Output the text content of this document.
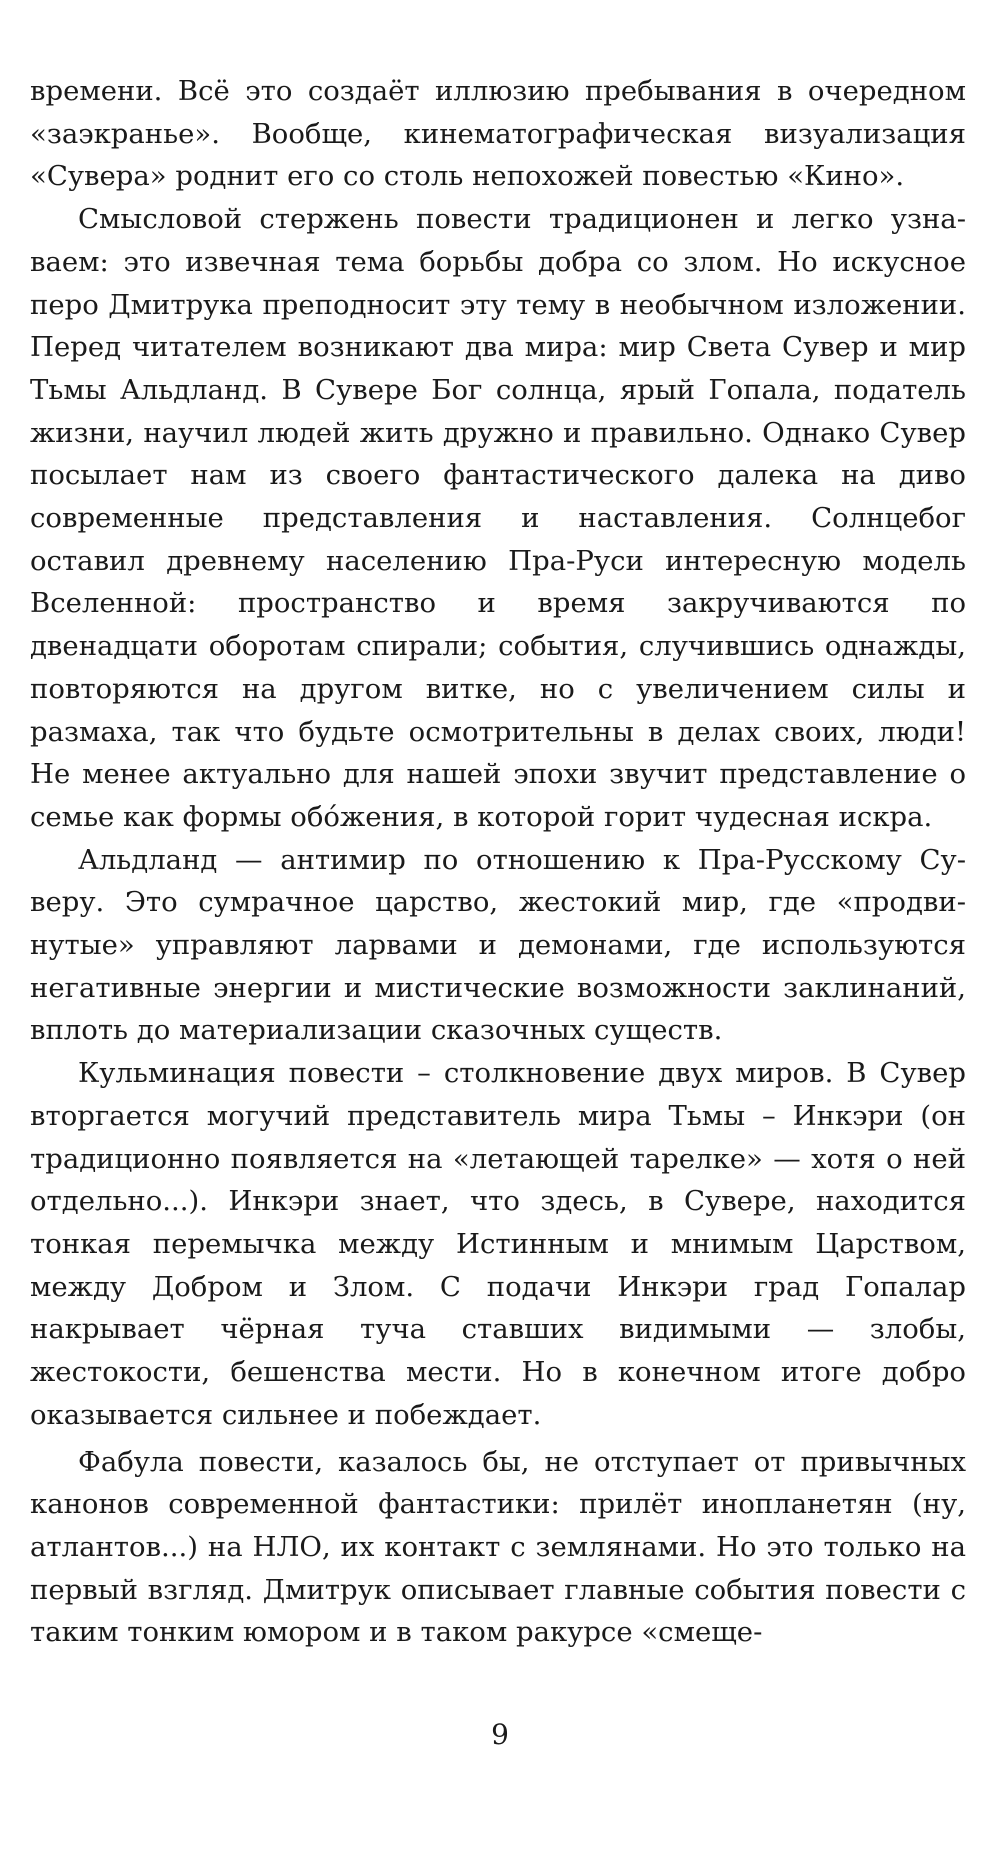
времени. Всё это создаёт иллюзию пребывания в очередном «заэкранье». Вообще, кинематографическая визуализация «Сувера» роднит его со столь непохожей повестью «Кино».

Смысловой стержень повести традиционен и легко узнаваем: это извечная тема борьбы добра со злом. Но искусное перо Дмитрука преподносит эту тему в необычном изложении. Перед читателем возникают два мира: мир Света Сувер и мир Тьмы Альдланд. В Сувере Бог солнца, ярый Гопала, податель жизни, научил людей жить дружно и правильно. Однако Сувер посылает нам из своего фантастического далека на диво современные представления и наставления. Солнцебог оставил древнему населению Пра-Руси интересную модель Вселенной: пространство и время закручиваются по двенадцати оборотам спирали; события, случившись однажды, повторяются на другом витке, но с увеличением силы и размаха, так что будьте осмотрительны в делах своих, люди! Не менее актуально для нашей эпохи звучит представление о семье как формы обóжения, в которой горит чудесная искра.

Альдланд — антимир по отношению к Пра-Русскому Суверу. Это сумрачное царство, жестокий мир, где «продвинутые» управляют ларвами и демонами, где используются негативные энергии и мистические возможности заклинаний, вплоть до материализации сказочных существ.

Кульминация повести – столкновение двух миров. В Сувер вторгается могучий представитель мира Тьмы – Инкэри (он традиционно появляется на «летающей тарелке» — хотя о ней отдельно...). Инкэри знает, что здесь, в Сувере, находится тонкая перемычка между Истинным и мнимым Царством, между Добром и Злом. С подачи Инкэри град Гопалар накрывает чёрная туча ставших видимыми — злобы, жестокости, бешенства мести. Но в конечном итоге добро оказывается сильнее и побеждает.

Фабула повести, казалось бы, не отступает от привычных канонов современной фантастики: прилёт инопланетян (ну, атлантов...) на НЛО, их контакт с землянами. Но это только на первый взгляд. Дмитрук описывает главные события повести с таким тонким юмором и в таком ракурсе «смеще-

9
